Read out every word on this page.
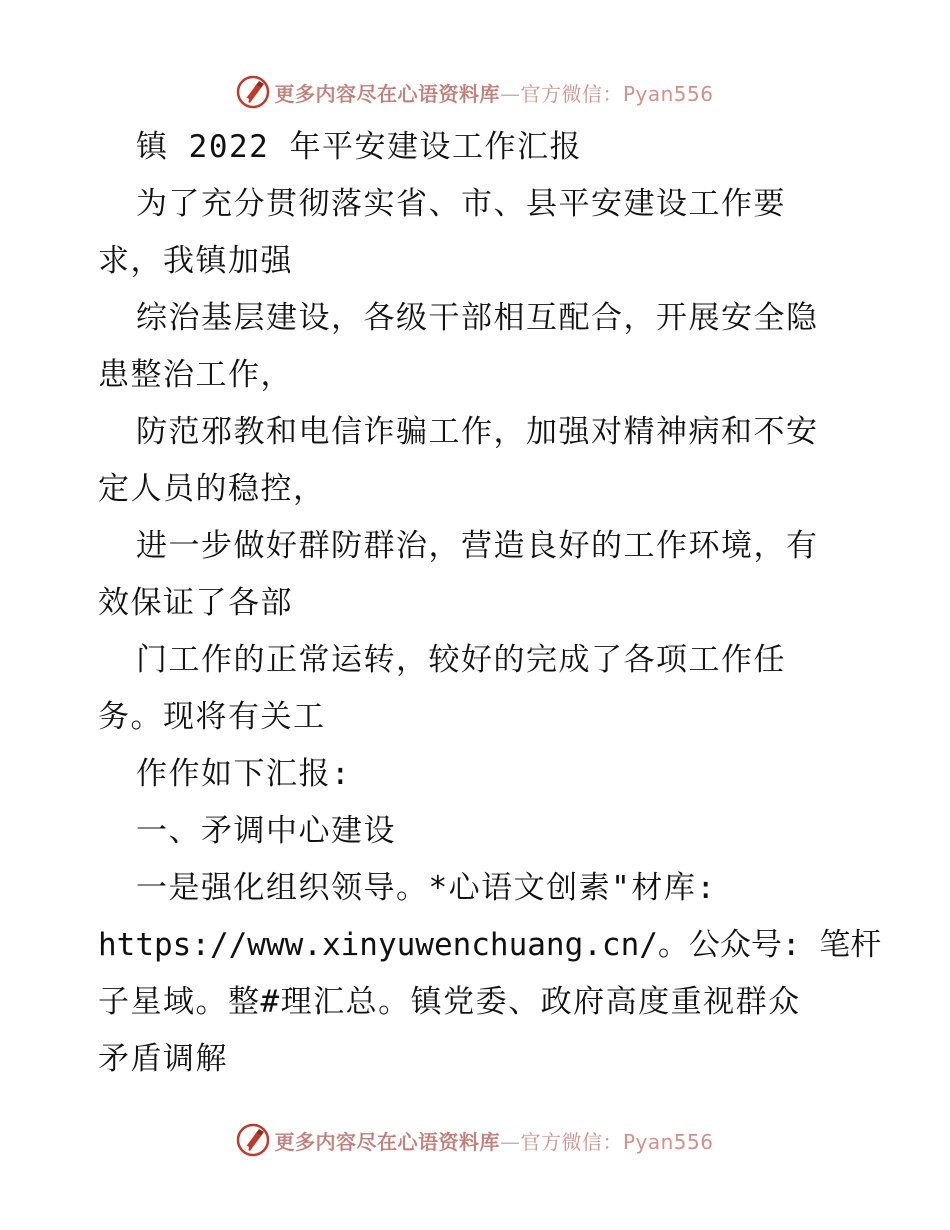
更多内容尽在心语资料库—官方微信：Pyan556
镇 2022 年平安建设工作汇报
为了充分贯彻落实省、市、县平安建设工作要
求，我镇加强
综治基层建设，各级干部相互配合，开展安全隐
患整治工作，
防范邪教和电信诈骗工作，加强对精神病和不安
定人员的稳控，
进一步做好群防群治，营造良好的工作环境，有
效保证了各部
门工作的正常运转，较好的完成了各项工作任
务。现将有关工
作作如下汇报:
一、矛调中心建设
一是强化组织领导。*心语文创素"材库:
https://www.xinyuwenchuang.cn/。公众号: 笔杆
子星域。整#理汇总。镇党委、政府高度重视群众
矛盾调解
更多内容尽在心语资料库—官方微信：Pyan556
